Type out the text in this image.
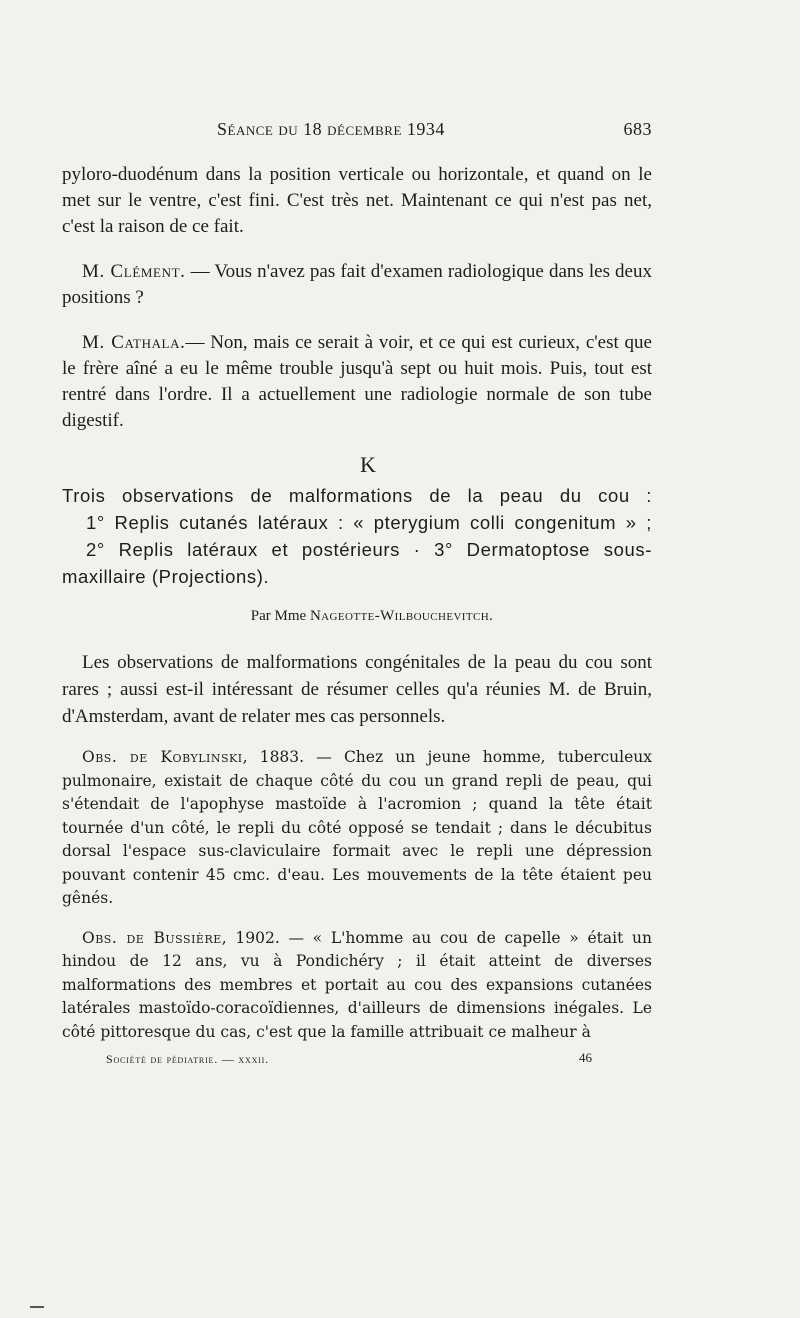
Séance du 18 décembre 1934	683

pyloro-duodénum dans la position verticale ou horizontale, et quand on le met sur le ventre, c'est fini. C'est très net. Maintenant ce qui n'est pas net, c'est la raison de ce fait.

M. Clément. — Vous n'avez pas fait d'examen radiologique dans les deux positions ?

M. Cathala.— Non, mais ce serait à voir, et ce qui est curieux, c'est que le frère aîné a eu le même trouble jusqu'à sept ou huit mois. Puis, tout est rentré dans l'ordre. Il a actuellement une radiologie normale de son tube digestif.

K
Trois observations de malformations de la peau du cou :
1° Replis cutanés latéraux : « pterygium colli congenitum » ;
2° Replis latéraux et postérieurs · 3° Dermatoptose sous-
maxillaire (Projections).
Par Mme Nageotte-Wilbouchevitch.

Les observations de malformations congénitales de la peau du cou sont rares ; aussi est-il intéressant de résumer celles qu'a réunies M. de Bruin, d'Amsterdam, avant de relater mes cas personnels.

Obs. de Kobylinski, 1883. — Chez un jeune homme, tuberculeux pulmonaire, existait de chaque côté du cou un grand repli de peau, qui s'étendait de l'apophyse mastoïde à l'acromion ; quand la tête était tournée d'un côté, le repli du côté opposé se tendait ; dans le décubitus dorsal l'espace sus-claviculaire formait avec le repli une dépression pouvant contenir 45 cmc. d'eau. Les mouvements de la tête étaient peu gênés.

Obs. de Bussière, 1902. — « L'homme au cou de capelle » était un hindou de 12 ans, vu à Pondichéry ; il était atteint de diverses malformations des membres et portait au cou des expansions cutanées latérales mastoïdo-coracoïdiennes, d'ailleurs de dimensions inégales. Le côté pittoresque du cas, c'est que la famille attribuait ce malheur à

Société de pédiatrie. — xxxii.	46
